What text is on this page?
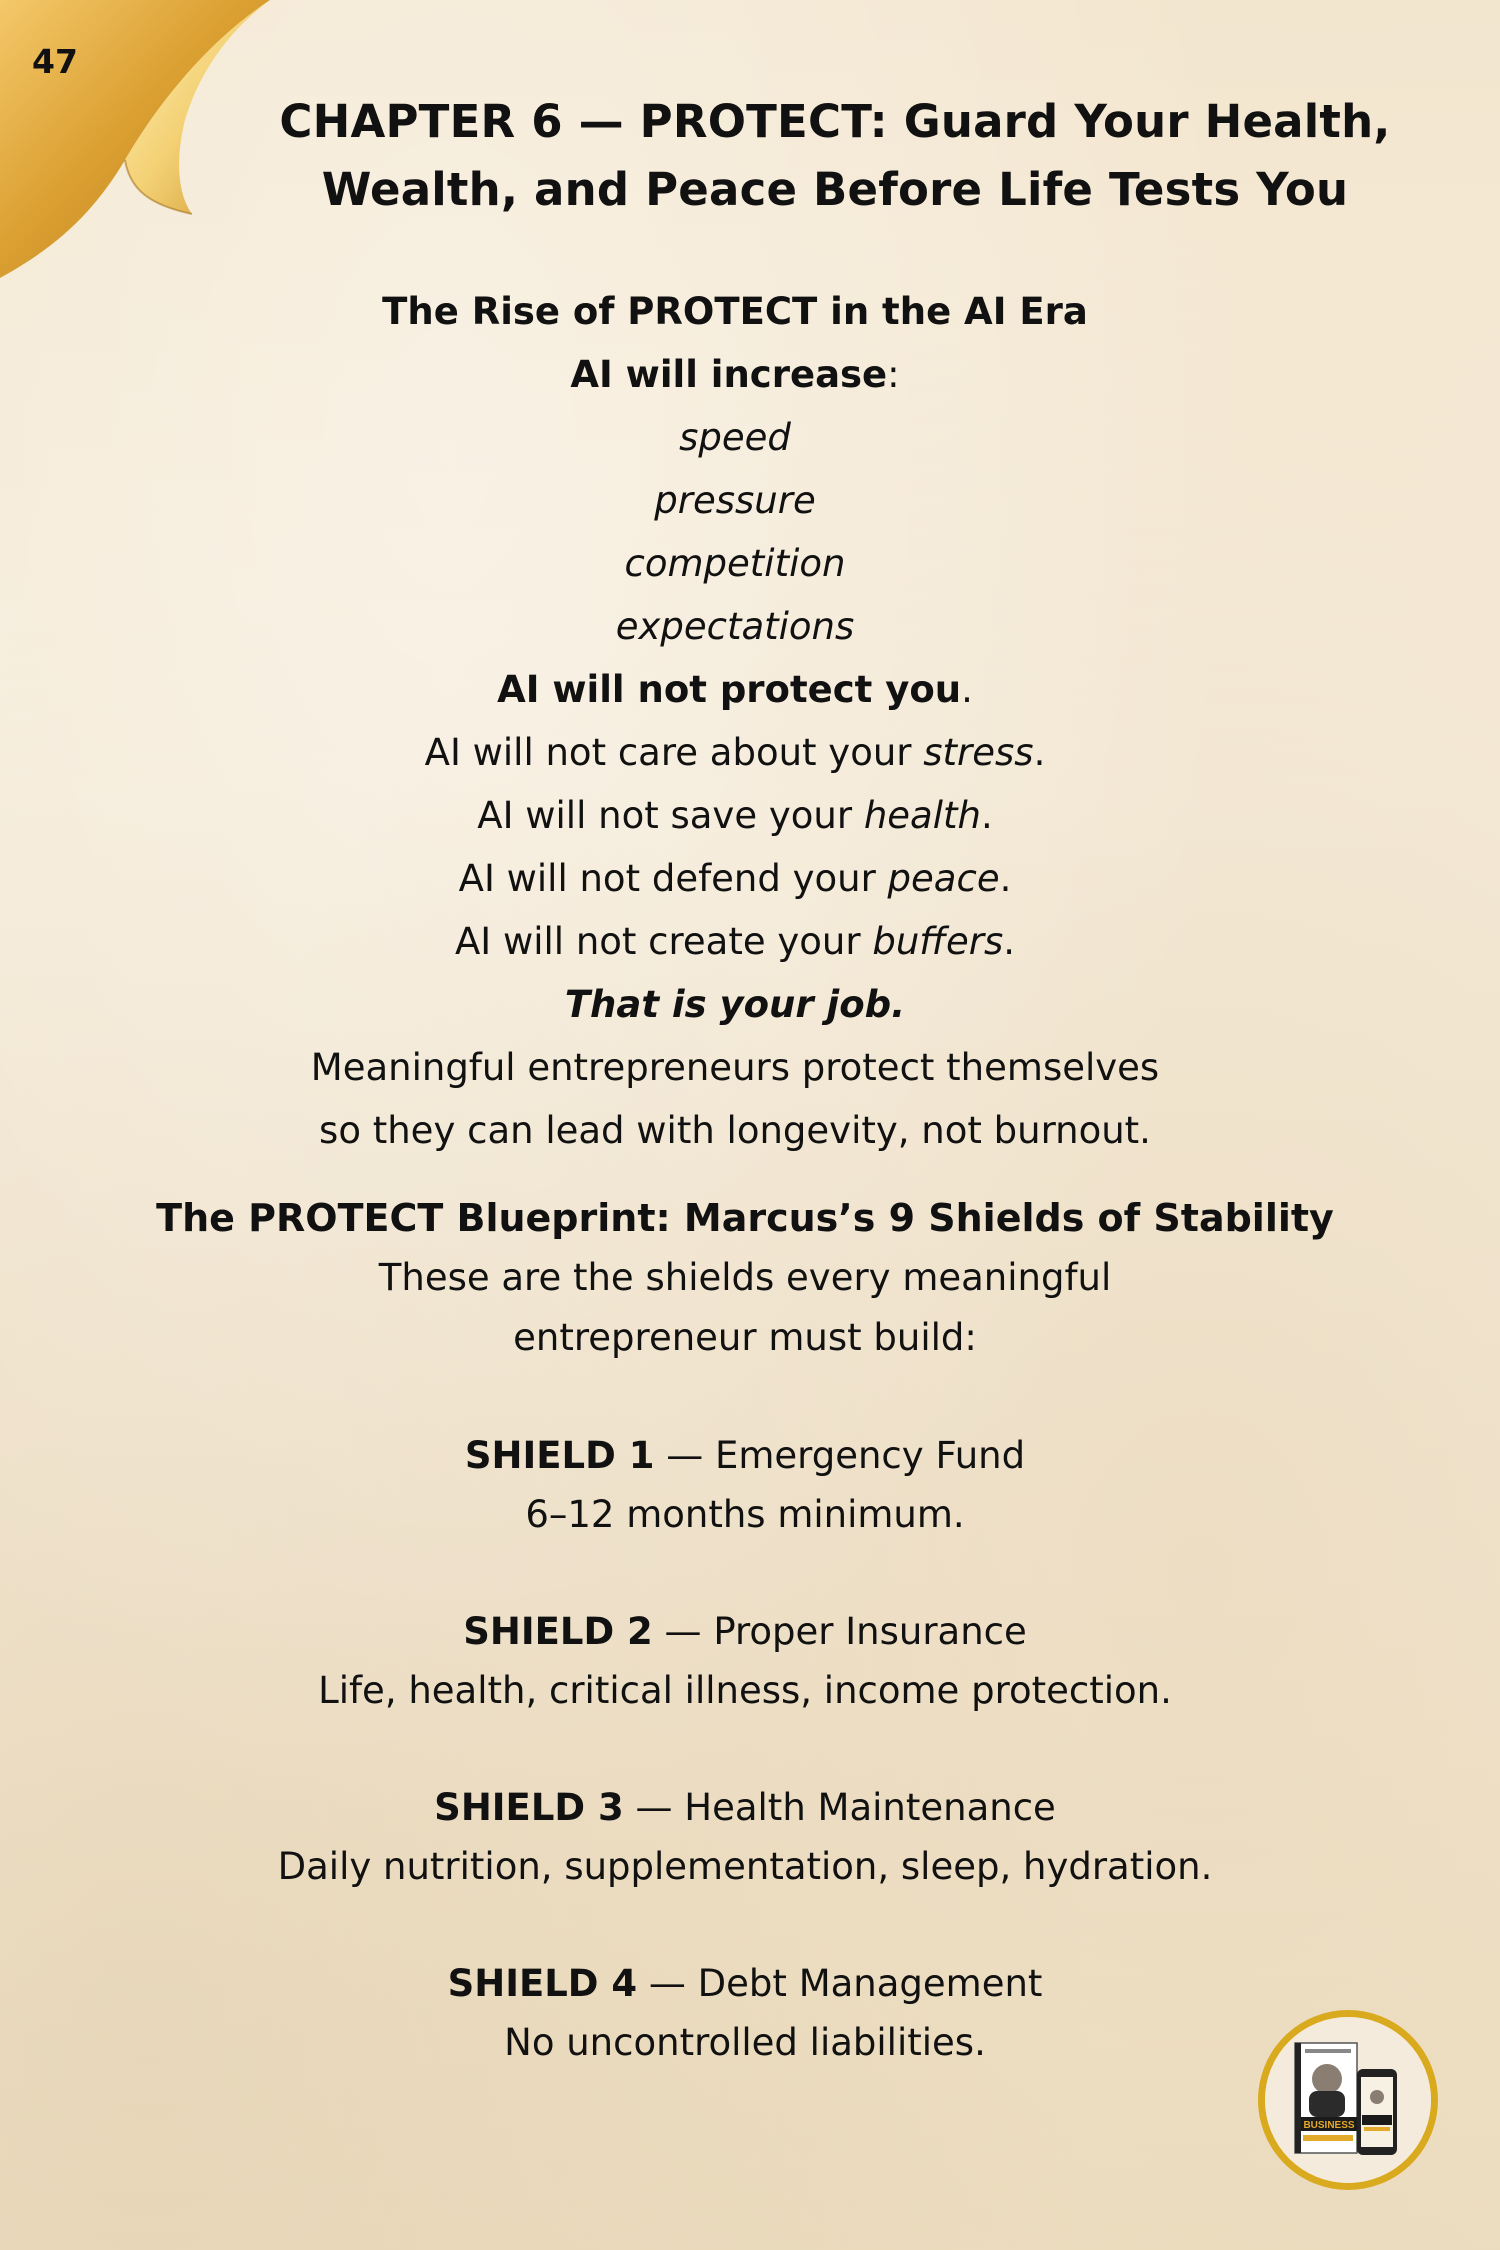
47
CHAPTER 6 — PROTECT: Guard Your Health,
Wealth, and Peace Before Life Tests You

The Rise of PROTECT in the AI Era

AI will increase:

speed

pressure

competition

expectations

AI will not protect you.

AI will not care about your stress.

AI will not save your health.

AI will not defend your peace.

AI will not create your buffers.

That is your job.

Meaningful entrepreneurs protect themselves

so they can lead with longevity, not burnout.

The PROTECT Blueprint: Marcus’s 9 Shields of Stability

These are the shields every meaningful

entrepreneur must build:

SHIELD 1 — Emergency Fund

6–12 months minimum.

SHIELD 2 — Proper Insurance

Life, health, critical illness, income protection.

SHIELD 3 — Health Maintenance

Daily nutrition, supplementation, sleep, hydration.

SHIELD 4 — Debt Management

No uncontrolled liabilities.

BUSINESS
